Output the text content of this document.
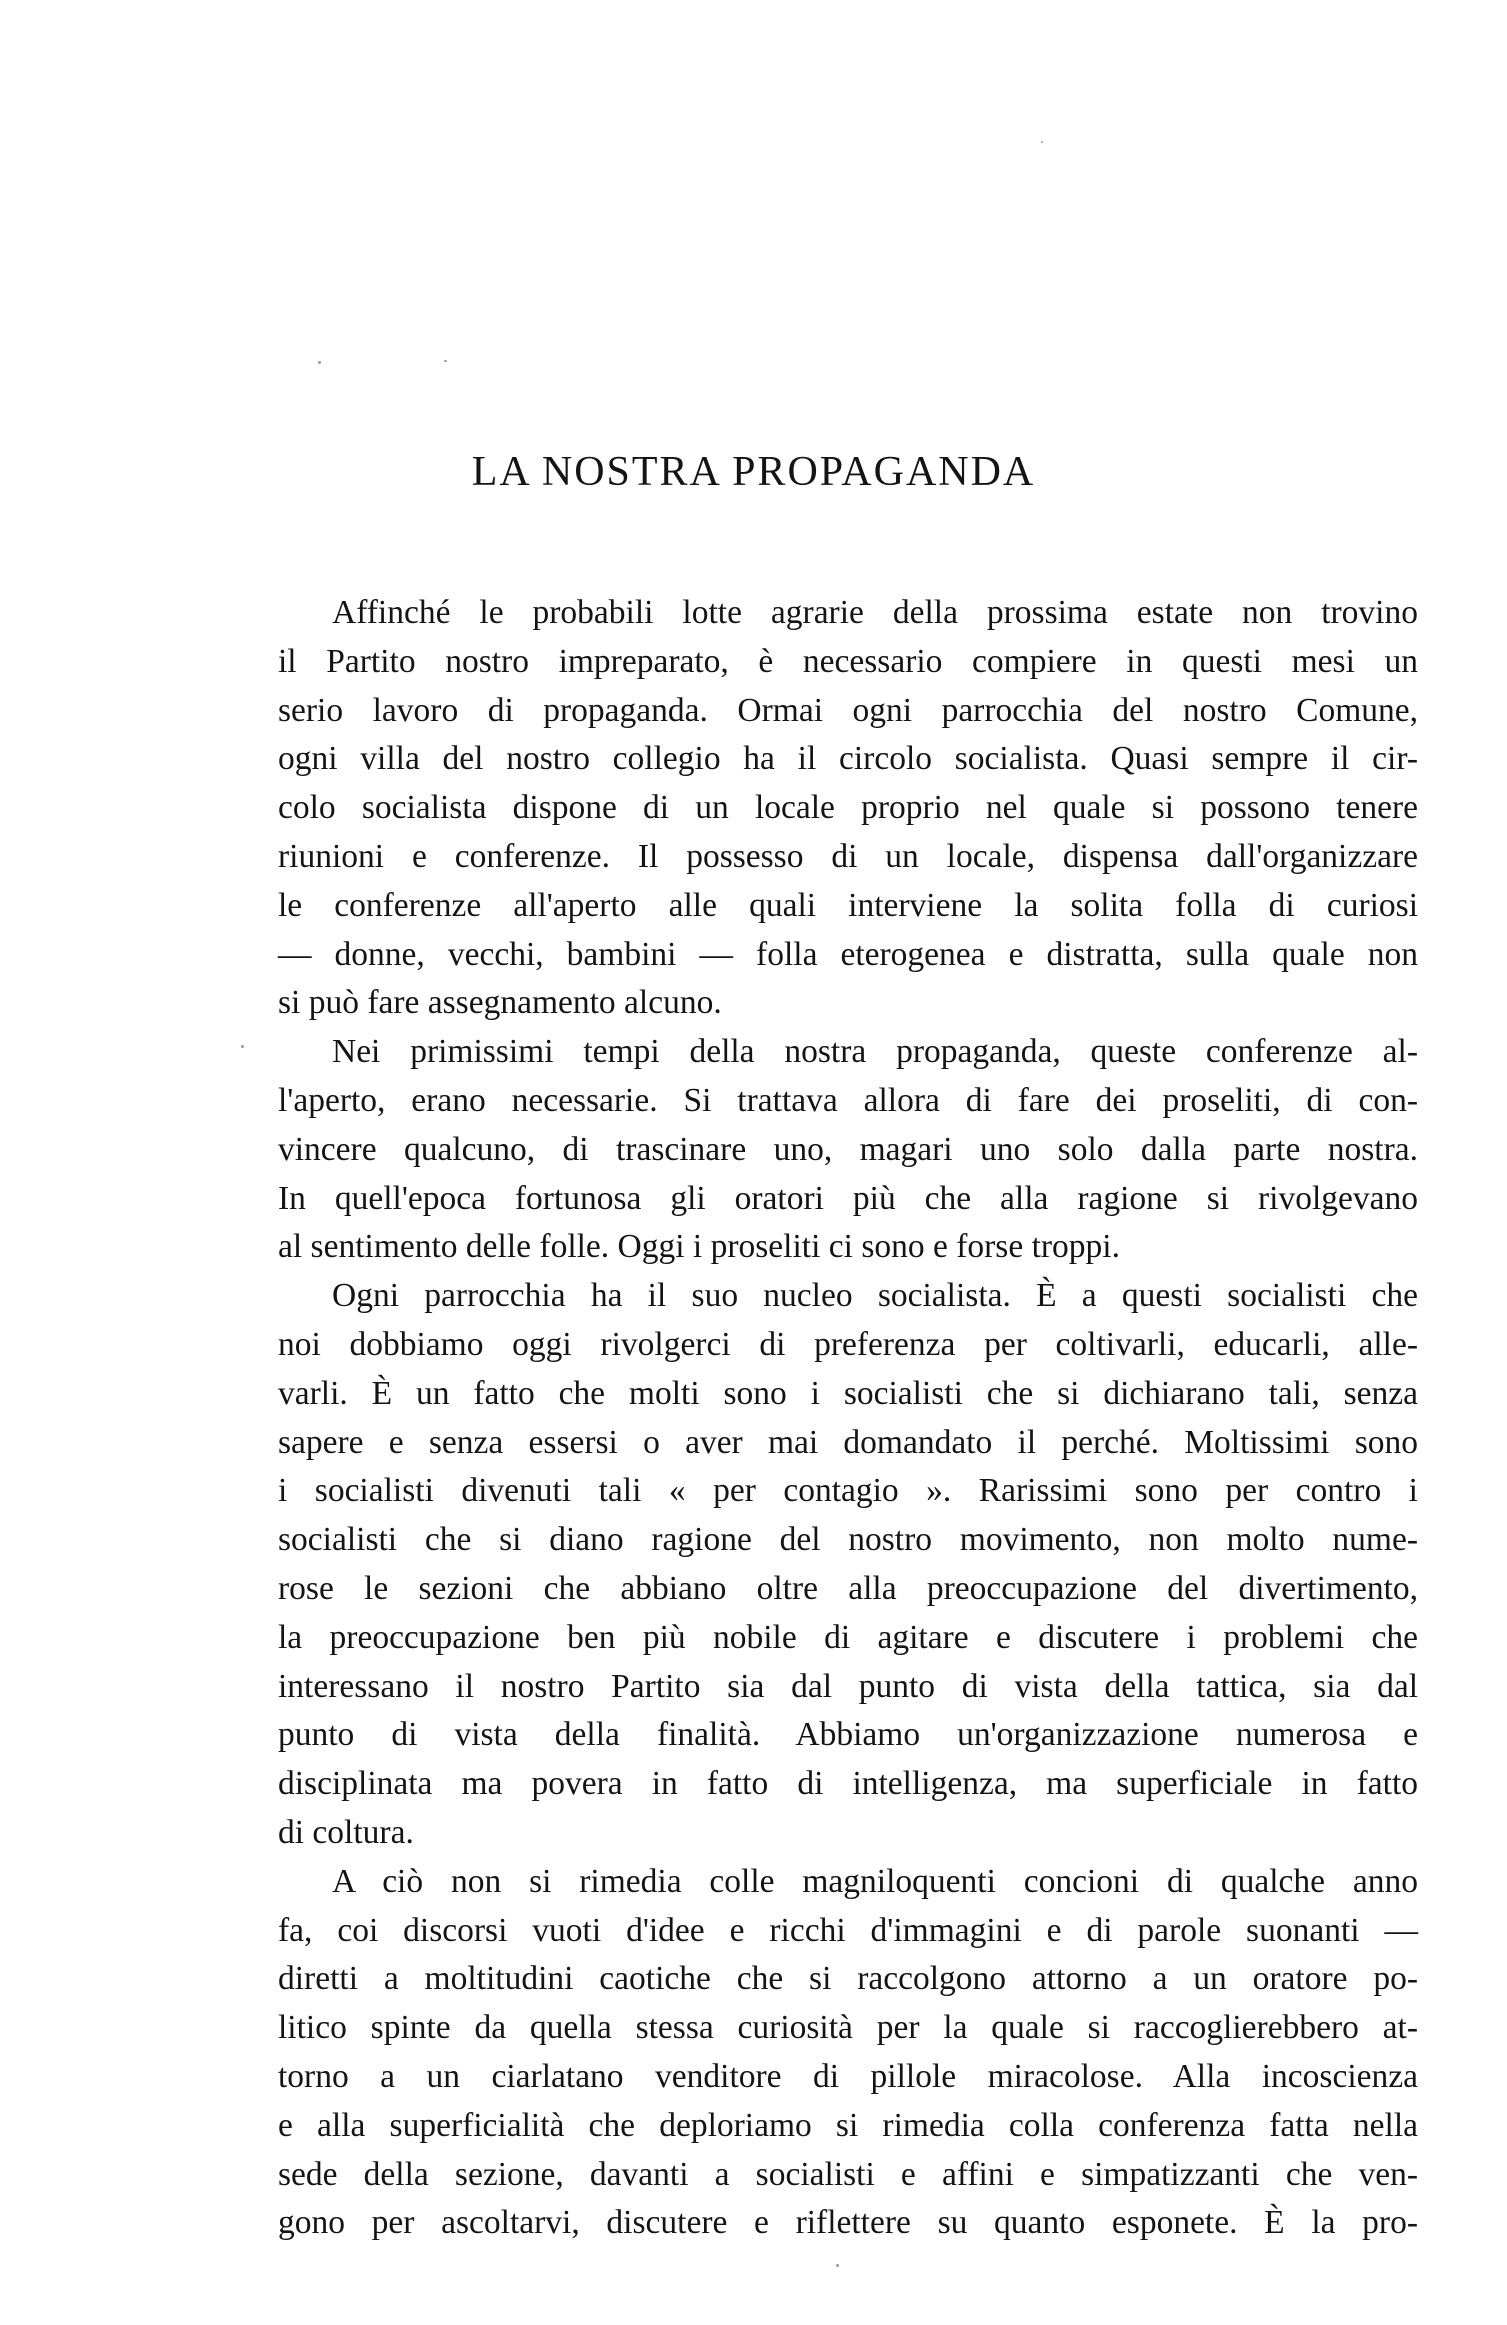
LA NOSTRA PROPAGANDA
Affinché le probabili lotte agrarie della prossima estate non trovino
il Partito nostro impreparato, è necessario compiere in questi mesi un
serio lavoro di propaganda. Ormai ogni parrocchia del nostro Comune,
ogni villa del nostro collegio ha il circolo socialista. Quasi sempre il cir-
colo socialista dispone di un locale proprio nel quale si possono tenere
riunioni e conferenze. Il possesso di un locale, dispensa dall'organizzare
le conferenze all'aperto alle quali interviene la solita folla di curiosi
— donne, vecchi, bambini — folla eterogenea e distratta, sulla quale non
si può fare assegnamento alcuno.
Nei primissimi tempi della nostra propaganda, queste conferenze al-
l'aperto, erano necessarie. Si trattava allora di fare dei proseliti, di con-
vincere qualcuno, di trascinare uno, magari uno solo dalla parte nostra.
In quell'epoca fortunosa gli oratori più che alla ragione si rivolgevano
al sentimento delle folle. Oggi i proseliti ci sono e forse troppi.
Ogni parrocchia ha il suo nucleo socialista. È a questi socialisti che
noi dobbiamo oggi rivolgerci di preferenza per coltivarli, educarli, alle-
varli. È un fatto che molti sono i socialisti che si dichiarano tali, senza
sapere e senza essersi o aver mai domandato il perché. Moltissimi sono
i socialisti divenuti tali « per contagio ». Rarissimi sono per contro i
socialisti che si diano ragione del nostro movimento, non molto nume-
rose le sezioni che abbiano oltre alla preoccupazione del divertimento,
la preoccupazione ben più nobile di agitare e discutere i problemi che
interessano il nostro Partito sia dal punto di vista della tattica, sia dal
punto di vista della finalità. Abbiamo un'organizzazione numerosa e
disciplinata ma povera in fatto di intelligenza, ma superficiale in fatto
di coltura.
A ciò non si rimedia colle magniloquenti concioni di qualche anno
fa, coi discorsi vuoti d'idee e ricchi d'immagini e di parole suonanti —
diretti a moltitudini caotiche che si raccolgono attorno a un oratore po-
litico spinte da quella stessa curiosità per la quale si raccoglierebbero at-
torno a un ciarlatano venditore di pillole miracolose. Alla incoscienza
e alla superficialità che deploriamo si rimedia colla conferenza fatta nella
sede della sezione, davanti a socialisti e affini e simpatizzanti che ven-
gono per ascoltarvi, discutere e riflettere su quanto esponete. È la pro-
